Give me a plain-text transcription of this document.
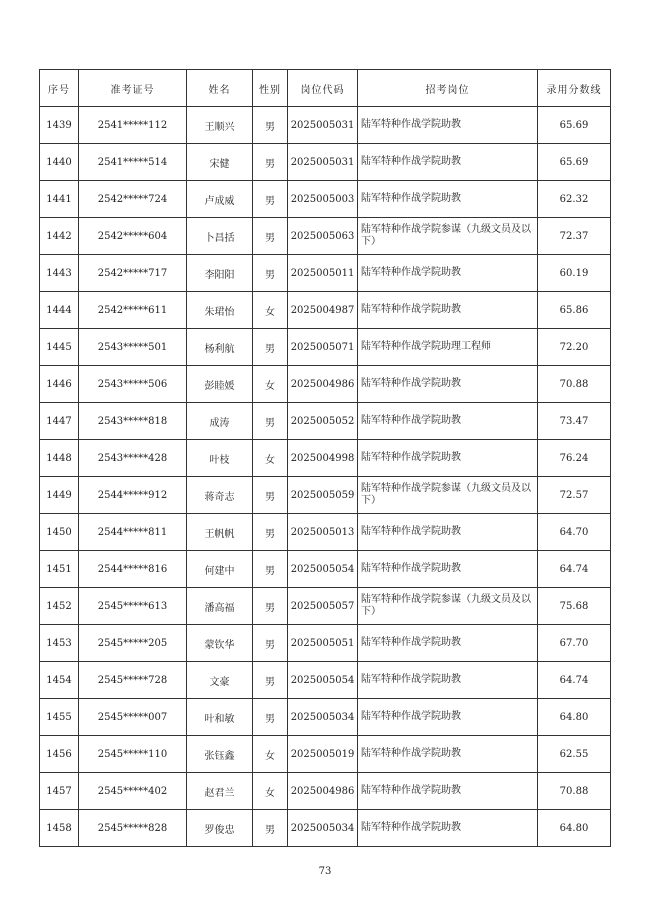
序号	准考证号	姓名	性别	岗位代码	招考岗位	录用分数线
1439	2541*****112	王顺兴	男	2025005031	陆军特种作战学院助教	65.69
1440	2541*****514	宋健	男	2025005031	陆军特种作战学院助教	65.69
1441	2542*****724	卢成威	男	2025005003	陆军特种作战学院助教	62.32
1442	2542*****604	卜昌括	男	2025005063	陆军特种作战学院参谋（九级文员及以下）	72.37
1443	2542*****717	李阳阳	男	2025005011	陆军特种作战学院助教	60.19
1444	2542*****611	朱珺怡	女	2025004987	陆军特种作战学院助教	65.86
1445	2543*****501	杨利航	男	2025005071	陆军特种作战学院助理工程师	72.20
1446	2543*****506	彭睦媛	女	2025004986	陆军特种作战学院助教	70.88
1447	2543*****818	成涛	男	2025005052	陆军特种作战学院助教	73.47
1448	2543*****428	叶枝	女	2025004998	陆军特种作战学院助教	76.24
1449	2544*****912	蒋奇志	男	2025005059	陆军特种作战学院参谋（九级文员及以下）	72.57
1450	2544*****811	王帆帆	男	2025005013	陆军特种作战学院助教	64.70
1451	2544*****816	何建中	男	2025005054	陆军特种作战学院助教	64.74
1452	2545*****613	潘高福	男	2025005057	陆军特种作战学院参谋（九级文员及以下）	75.68
1453	2545*****205	蒙钦华	男	2025005051	陆军特种作战学院助教	67.70
1454	2545*****728	文豪	男	2025005054	陆军特种作战学院助教	64.74
1455	2545*****007	叶和敏	男	2025005034	陆军特种作战学院助教	64.80
1456	2545*****110	张钰鑫	女	2025005019	陆军特种作战学院助教	62.55
1457	2545*****402	赵君兰	女	2025004986	陆军特种作战学院助教	70.88
1458	2545*****828	罗俊忠	男	2025005034	陆军特种作战学院助教	64.80
73
